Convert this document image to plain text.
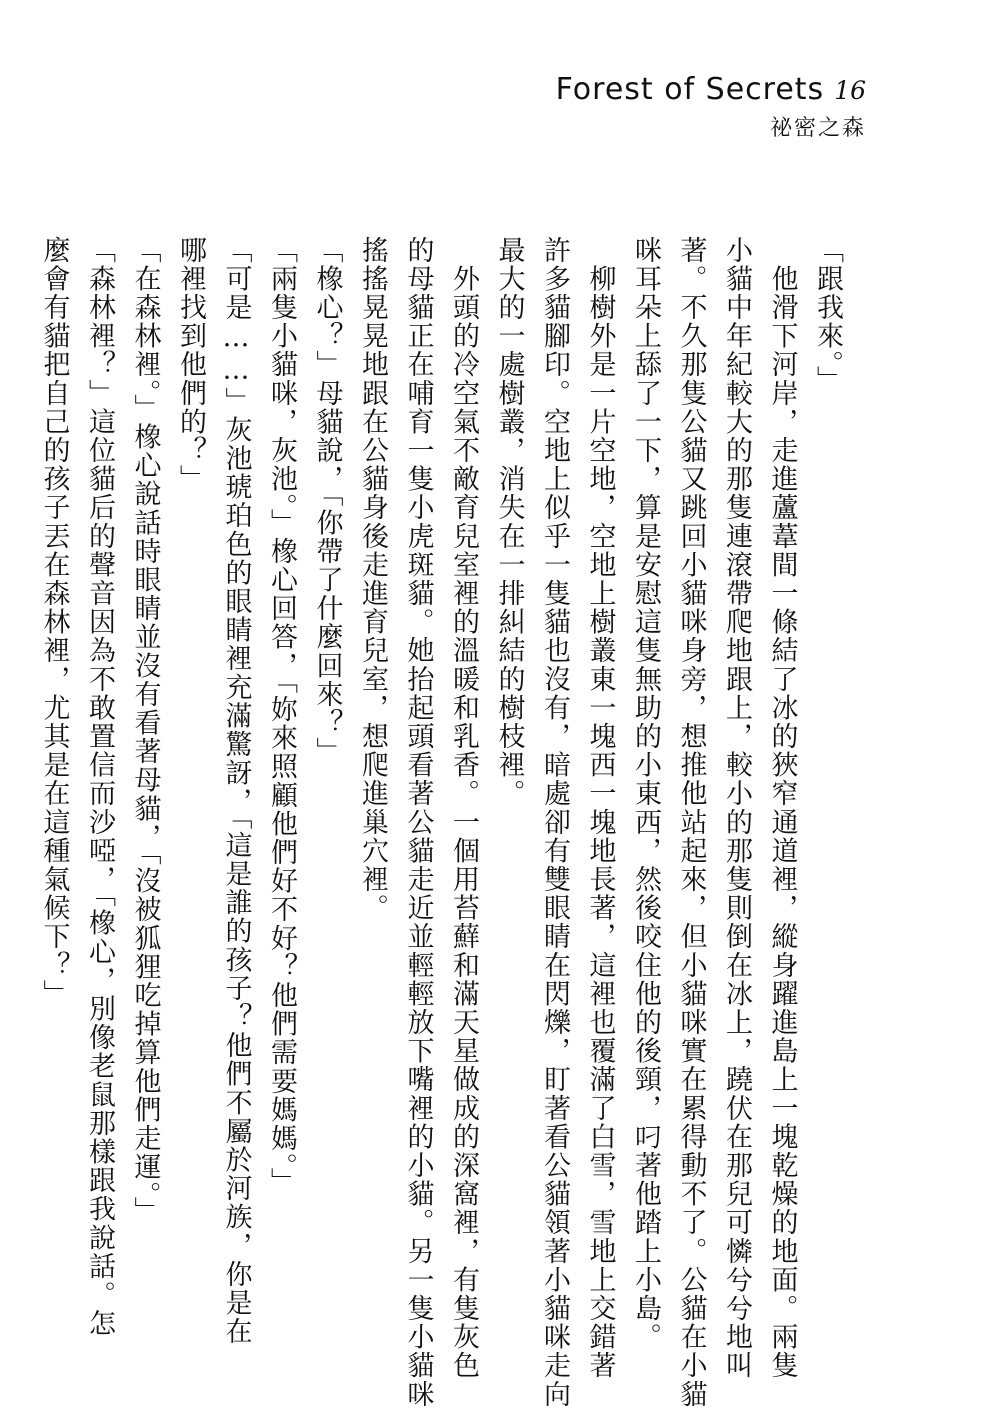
Forest of Secrets 16
祕密之森
「跟我來。」
　他滑下河岸，走進蘆葦間一條結了冰的狹窄通道裡，縱身躍進島上一塊乾燥的地面。兩隻
小貓中年紀較大的那隻連滾帶爬地跟上，較小的那隻則倒在冰上，蹺伏在那兒可憐兮兮地叫
著。不久那隻公貓又跳回小貓咪身旁，想推他站起來，但小貓咪實在累得動不了。公貓在小貓
咪耳朵上舔了一下，算是安慰這隻無助的小東西，然後咬住他的後頸，叼著他踏上小島。
　柳樹外是一片空地，空地上樹叢東一塊西一塊地長著，這裡也覆滿了白雪，雪地上交錯著
許多貓腳印。空地上似乎一隻貓也沒有，暗處卻有雙眼睛在閃爍，盯著看公貓領著小貓咪走向
最大的一處樹叢，消失在一排糾結的樹枝裡。
　外頭的冷空氣不敵育兒室裡的溫暖和乳香。一個用苔蘚和滿天星做成的深窩裡，有隻灰色
的母貓正在哺育一隻小虎斑貓。她抬起頭看著公貓走近並輕輕放下嘴裡的小貓。另一隻小貓咪
搖搖晃晃地跟在公貓身後走進育兒室，想爬進巢穴裡。
「橡心？」母貓說，「你帶了什麼回來？」
「兩隻小貓咪，灰池。」橡心回答，「妳來照顧他們好不好？他們需要媽媽。」
「可是……」灰池琥珀色的眼睛裡充滿驚訝，「這是誰的孩子？他們不屬於河族，你是在
哪裡找到他們的？」
「在森林裡。」橡心說話時眼睛並沒有看著母貓，「沒被狐狸吃掉算他們走運。」
「森林裡？」這位貓后的聲音因為不敢置信而沙啞，「橡心，別像老鼠那樣跟我說話。怎
麼會有貓把自己的孩子丟在森林裡，尤其是在這種氣候下？」
